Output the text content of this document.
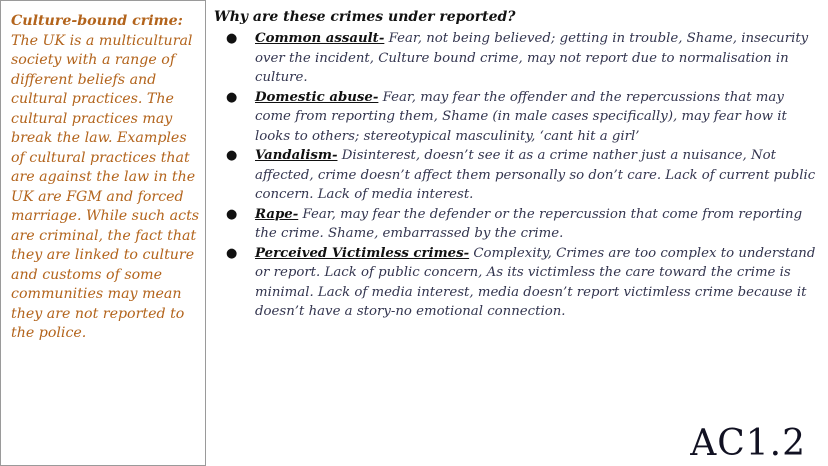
Culture-bound crime: The UK is a multicultural society with a range of different beliefs and cultural practices. The cultural practices may break the law. Examples of cultural practices that are against the law in the UK are FGM and forced marriage. While such acts are criminal, the fact that they are linked to culture and customs of some communities may mean they are not reported to the police.
Why are these crimes under reported?
● Common assault- Fear, not being believed; getting in trouble, Shame, insecurity over the incident, Culture bound crime, may not report due to normalisation in culture.
● Domestic abuse- Fear, may fear the offender and the repercussions that may come from reporting them, Shame (in male cases specifically), may fear how it looks to others; stereotypical masculinity, ‘cant hit a girl’
● Vandalism- Disinterest, doesn’t see it as a crime nather just a nuisance, Not affected, crime doesn’t affect them personally so don’t care. Lack of current public concern. Lack of media interest.
● Rape- Fear, may fear the defender or the repercussion that come from reporting the crime. Shame, embarrassed by the crime.
● Perceived Victimless crimes- Complexity, Crimes are too complex to understand or report. Lack of public concern, As its victimless the care toward the crime is minimal. Lack of media interest, media doesn’t report victimless crime because it doesn’t have a story-no emotional connection.
AC1.2
